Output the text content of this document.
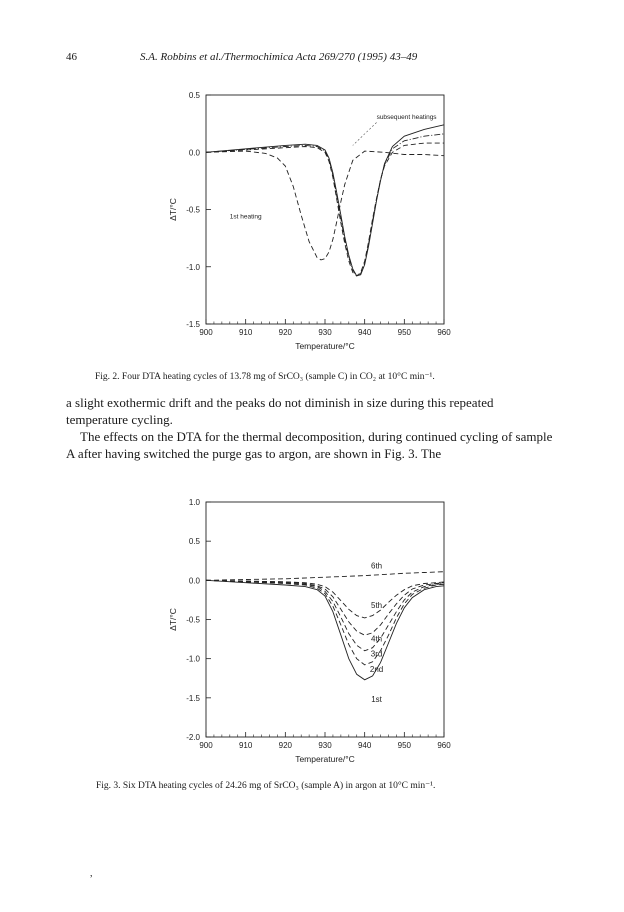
46	S.A. Robbins et al./Thermochimica Acta 269/270 (1995) 43–49
0.5
0.0
-0.5
-1.0
-1.5
900	910	920	930	940	950	960
Temperature/°C
ΔT/°C
subsequent heatings
1st heating
Fig. 2. Four DTA heating cycles of 13.78 mg of SrCO₃ (sample C) in CO₂ at 10°C min⁻¹.
a slight exothermic drift and the peaks do not diminish in size during this repeated temperature cycling.
The effects on the DTA for the thermal decomposition, during continued cycling of sample A after having switched the purge gas to argon, are shown in Fig. 3. The
1.0
0.5
0.0
-0.5
-1.0
-1.5
-2.0
900	910	920	930	940	950	960
Temperature/°C
ΔT/°C
1st
2nd
3rd
4th
5th
6th
Fig. 3. Six DTA heating cycles of 24.26 mg of SrCO₃ (sample A) in argon at 10°C min⁻¹.
,
